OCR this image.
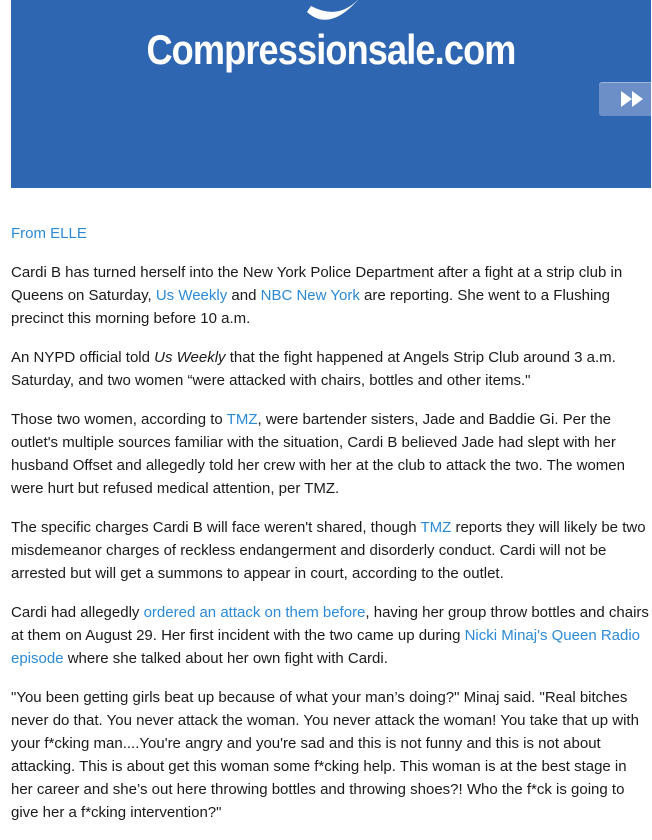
Compressionsale.com
From ELLE

Cardi B has turned herself into the New York Police Department after a fight at a strip club in Queens on Saturday, Us Weekly and NBC New York are reporting. She went to a Flushing precinct this morning before 10 a.m.

An NYPD official told Us Weekly that the fight happened at Angels Strip Club around 3 a.m. Saturday, and two women “were attacked with chairs, bottles and other items."

Those two women, according to TMZ, were bartender sisters, Jade and Baddie Gi. Per the outlet's multiple sources familiar with the situation, Cardi B believed Jade had slept with her husband Offset and allegedly told her crew with her at the club to attack the two. The women were hurt but refused medical attention, per TMZ.

The specific charges Cardi B will face weren't shared, though TMZ reports they will likely be two misdemeanor charges of reckless endangerment and disorderly conduct. Cardi will not be arrested but will get a summons to appear in court, according to the outlet.

Cardi had allegedly ordered an attack on them before, having her group throw bottles and chairs at them on August 29. Her first incident with the two came up during Nicki Minaj's Queen Radio episode where she talked about her own fight with Cardi.

"You been getting girls beat up because of what your man’s doing?" Minaj said. "Real bitches never do that. You never attack the woman. You never attack the woman! You take that up with your f*cking man....You're angry and you're sad and this is not funny and this is not about attacking. This is about get this woman some f*cking help. This woman is at the best stage in her career and she’s out here throwing bottles and throwing shoes?! Who the f*ck is going to give her a f*cking intervention?"
